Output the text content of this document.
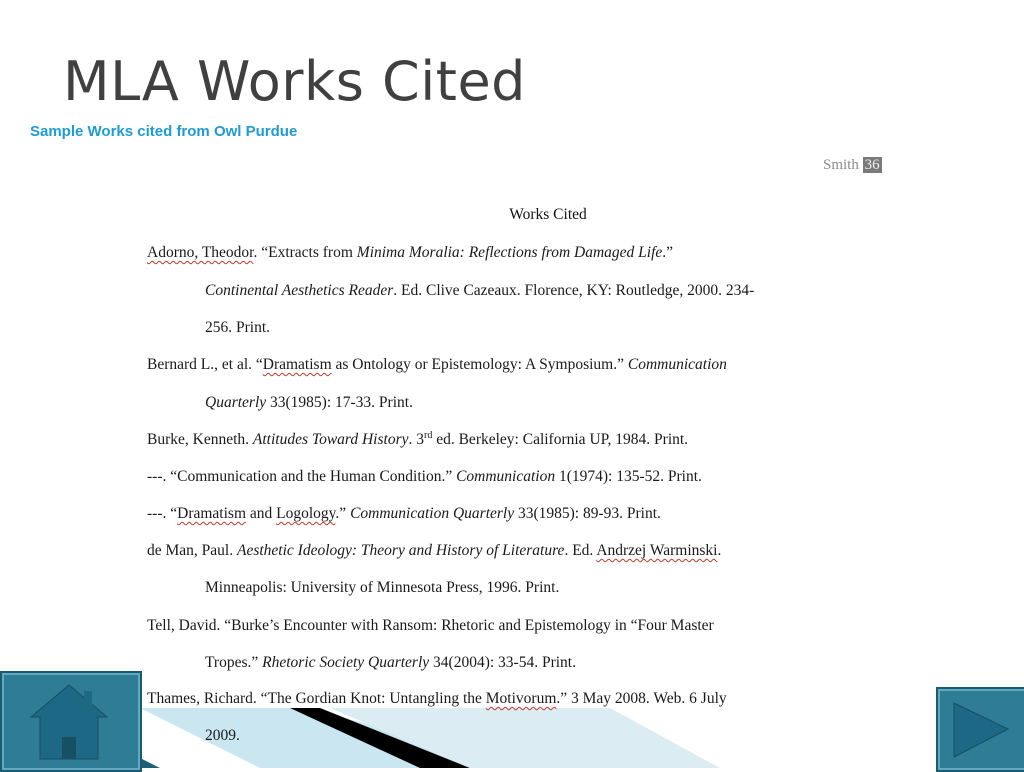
MLA Works Cited
Sample Works cited from Owl Purdue
Smith 36
Works Cited
Adorno, Theodor. “Extracts from Minima Moralia: Reflections from Damaged Life.”
Continental Aesthetics Reader. Ed. Clive Cazeaux. Florence, KY: Routledge, 2000. 234-
256. Print.
Bernard L., et al. “Dramatism as Ontology or Epistemology: A Symposium.” Communication
Quarterly 33(1985): 17-33. Print.
Burke, Kenneth. Attitudes Toward History. 3rd ed. Berkeley: California UP, 1984. Print.
---. “Communication and the Human Condition.” Communication 1(1974): 135-52. Print.
---. “Dramatism and Logology.” Communication Quarterly 33(1985): 89-93. Print.
de Man, Paul. Aesthetic Ideology: Theory and History of Literature. Ed. Andrzej Warminski.
Minneapolis: University of Minnesota Press, 1996. Print.
Tell, David. “Burke’s Encounter with Ransom: Rhetoric and Epistemology in “Four Master
Tropes.” Rhetoric Society Quarterly 34(2004): 33-54. Print.
Thames, Richard. “The Gordian Knot: Untangling the Motivorum.” 3 May 2008. Web. 6 July
2009.
